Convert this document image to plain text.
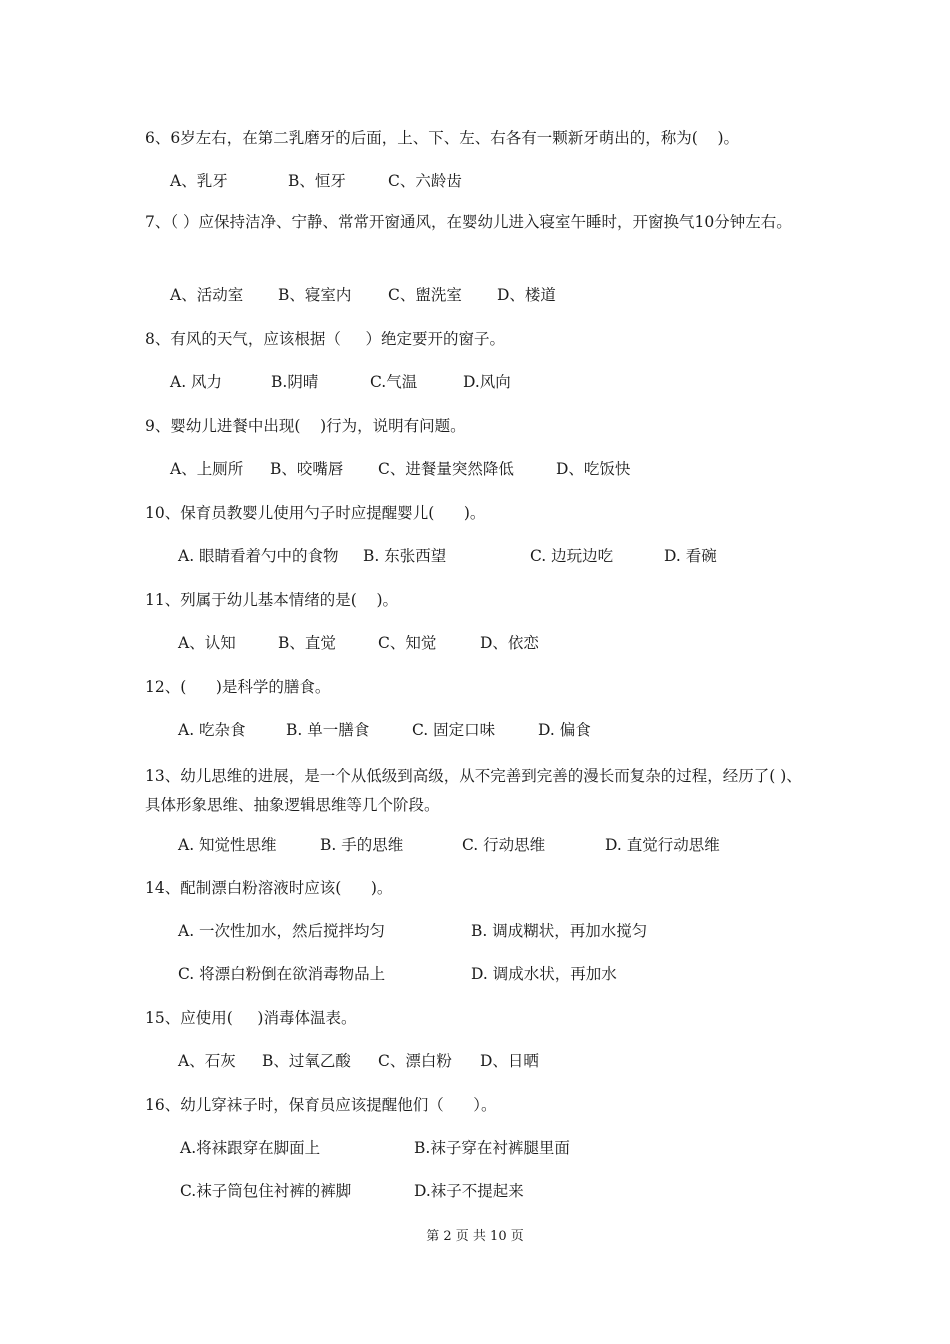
6、6岁左右，在第二乳磨牙的后面，上、下、左、右各有一颗新牙萌出的，称为(    )。
A、乳牙	B、恒牙	C、六龄齿
7、（ ）应保持洁净、宁静、常常开窗通风，在婴幼儿进入寝室午睡时，开窗换气10分钟左右。
A、活动室 B、寝室内 C、盥洗室 D、楼道
8、有风的天气，应该根据（     ）绝定要开的窗子。
A. 风力	B.阴晴	C.气温	D.风向
9、婴幼儿进餐中出现(    )行为，说明有问题。
A、上厕所 B、咬嘴唇 C、进餐量突然降低	D、吃饭快
10、保育员教婴儿使用勺子时应提醒婴儿(      )。
A. 眼睛看着勺中的食物 B. 东张西望	C. 边玩边吃	D. 看碗
11、列属于幼儿基本情绪的是(    )。
A、认知	B、直觉	C、知觉	D、依恋
12、(      )是科学的膳食。
A. 吃杂食	B. 单一膳食	C. 固定口味	D. 偏食
13、幼儿思维的进展，是一个从低级到高级，从不完善到完善的漫长而复杂的过程，经历了( )、具体形象思维、抽象逻辑思维等几个阶段。
A. 知觉性思维	B. 手的思维	C. 行动思维	D. 直觉行动思维
14、配制漂白粉溶液时应该(      )。
A. 一次性加水，然后搅拌均匀	B. 调成糊状，再加水搅匀
C. 将漂白粉倒在欲消毒物品上	D. 调成水状，再加水
15、应使用(     )消毒体温表。
A、石灰 B、过氧乙酸 C、漂白粉 D、日晒
16、幼儿穿袜子时，保育员应该提醒他们（      ）。
A.将袜跟穿在脚面上	B.袜子穿在衬裤腿里面
C.袜子筒包住衬裤的裤脚	D.袜子不提起来
第 2 页 共 10 页
